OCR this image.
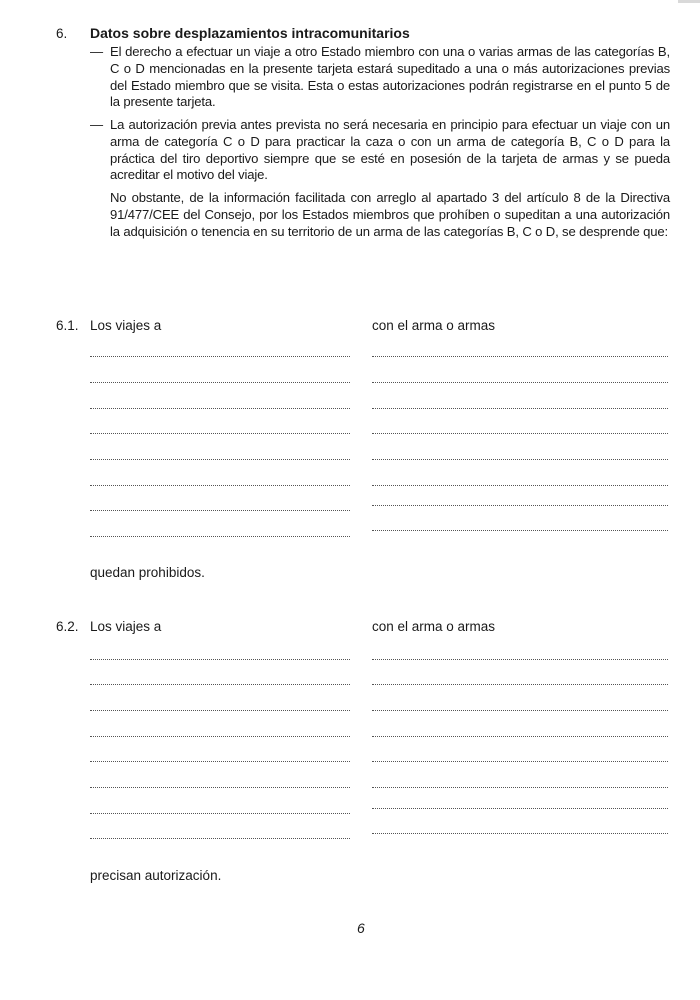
6. Datos sobre desplazamientos intracomunitarios
— El derecho a efectuar un viaje a otro Estado miembro con una o varias armas de las categorías B, C o D mencionadas en la presente tarjeta estará supeditado a una o más autorizaciones previas del Estado miembro que se visita. Esta o estas autorizaciones podrán registrarse en el punto 5 de la presente tarjeta.
— La autorización previa antes prevista no será necesaria en principio para efectuar un viaje con un arma de categoría C o D para practicar la caza o con un arma de categoría B, C o D para la práctica del tiro deportivo siempre que se esté en posesión de la tarjeta de armas y se pueda acreditar el motivo del viaje.
No obstante, de la información facilitada con arreglo al apartado 3 del artículo 8 de la Directiva 91/477/CEE del Consejo, por los Estados miembros que prohíben o supeditan a una autorización la adquisición o tenencia en su territorio de un arma de las categorías B, C o D, se desprende que:
6.1. Los viajes a	con el arma o armas
quedan prohibidos.
6.2. Los viajes a	con el arma o armas
precisan autorización.
6
